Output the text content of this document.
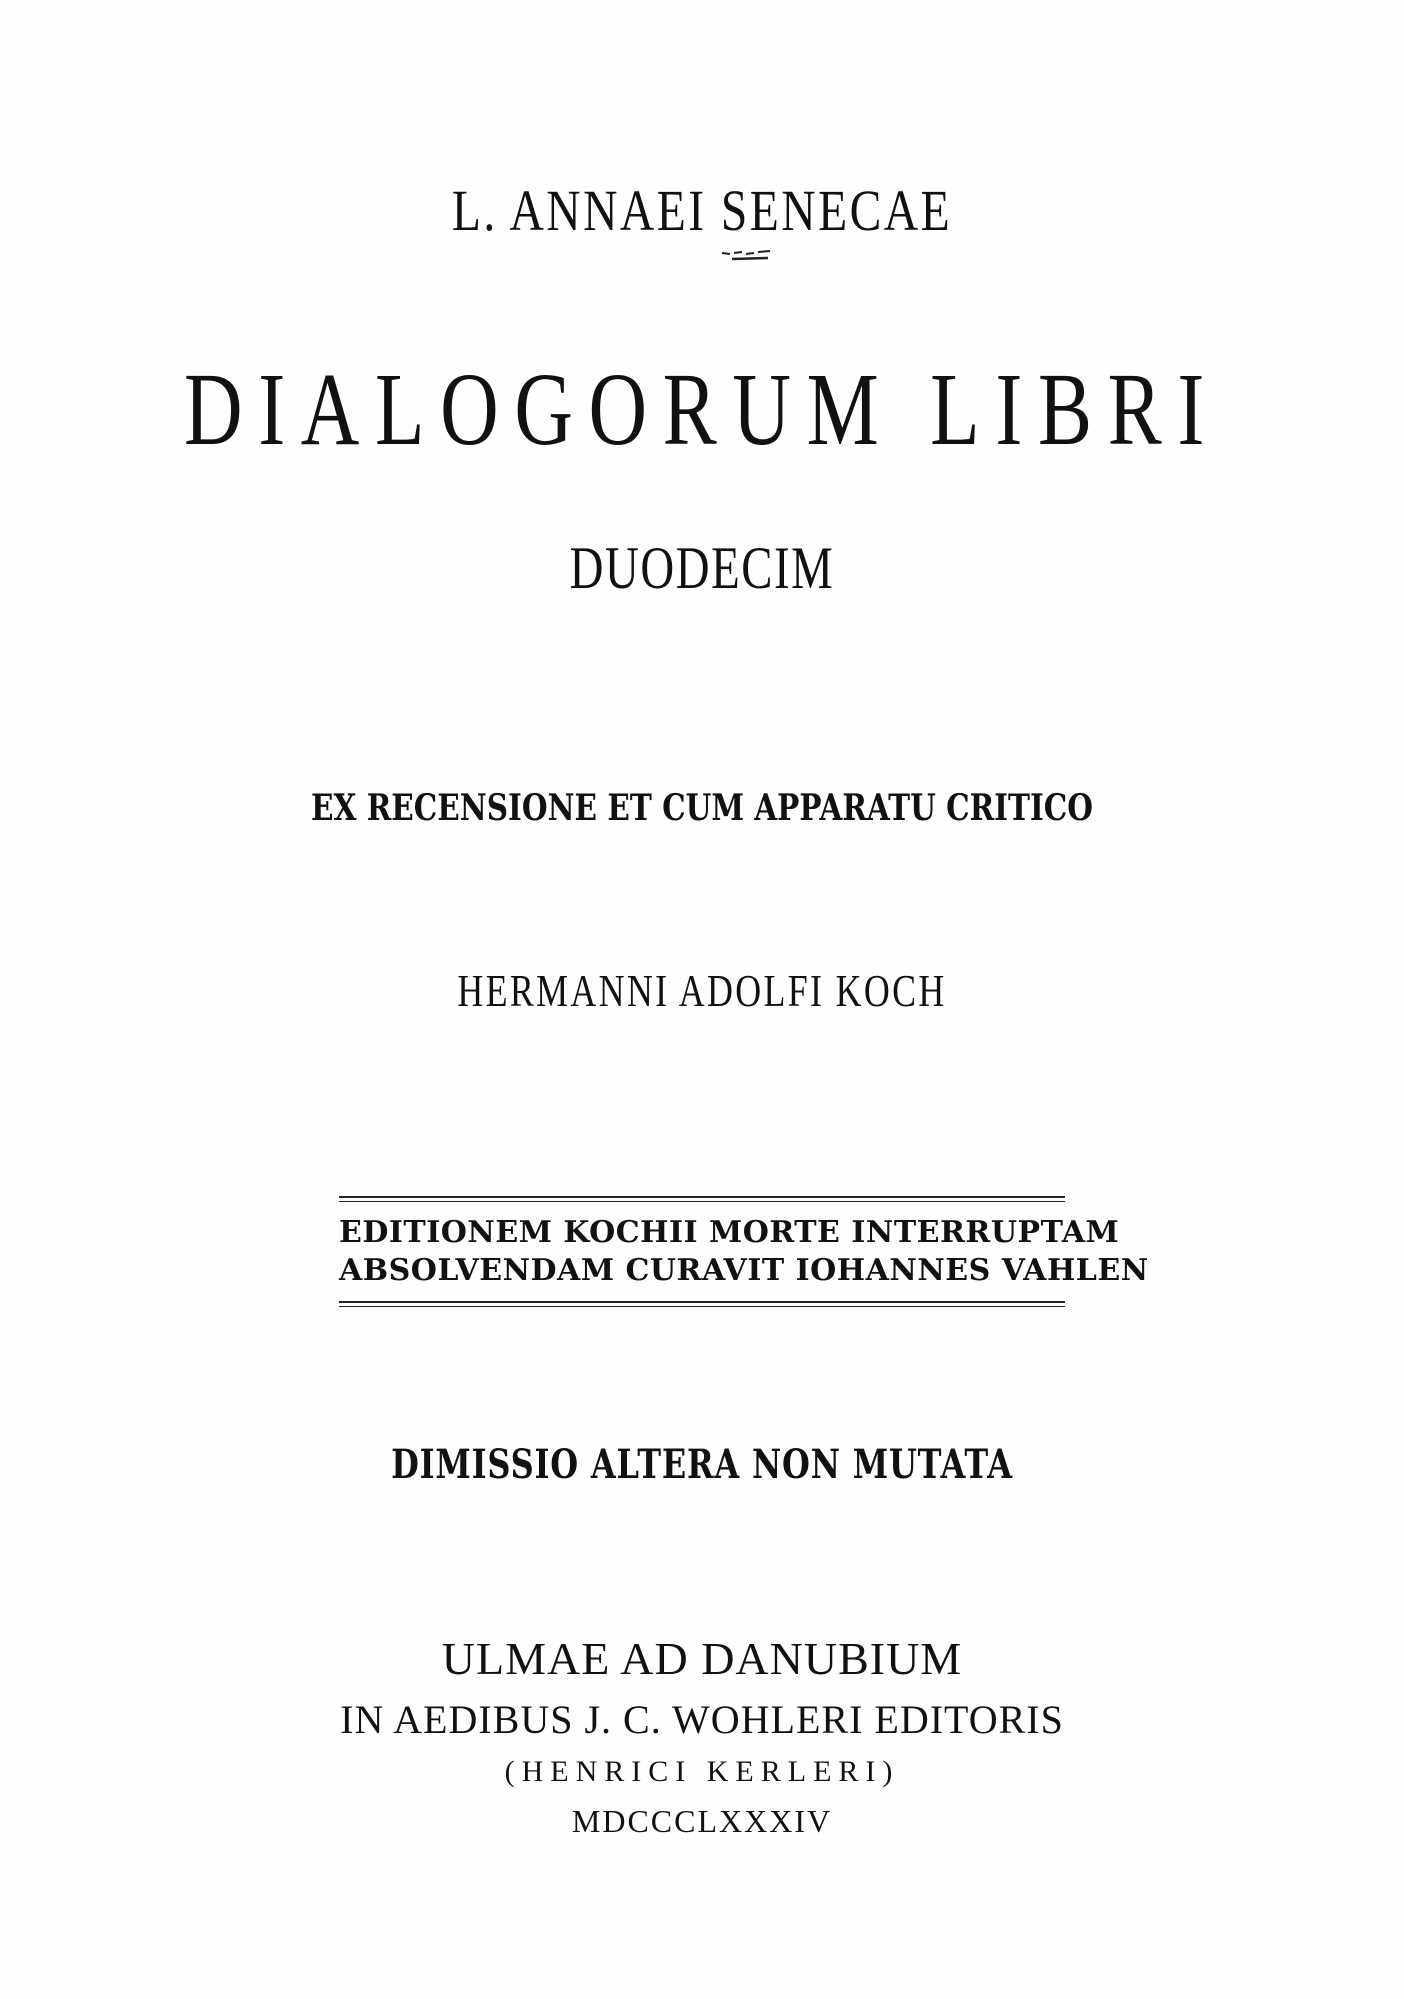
L. ANNAEI SENECAE
DIALOGORUM LIBRI
DUODECIM
EX RECENSIONE ET CUM APPARATU CRITICO
HERMANNI ADOLFI KOCH
EDITIONEM KOCHII MORTE INTERRUPTAM
ABSOLVENDAM CURAVIT IOHANNES VAHLEN
DIMISSIO ALTERA NON MUTATA
ULMAE AD DANUBIUM
IN AEDIBUS J. C. WOHLERI EDITORIS
(HENRICI KERLERI)
MDCCCLXXXIV
